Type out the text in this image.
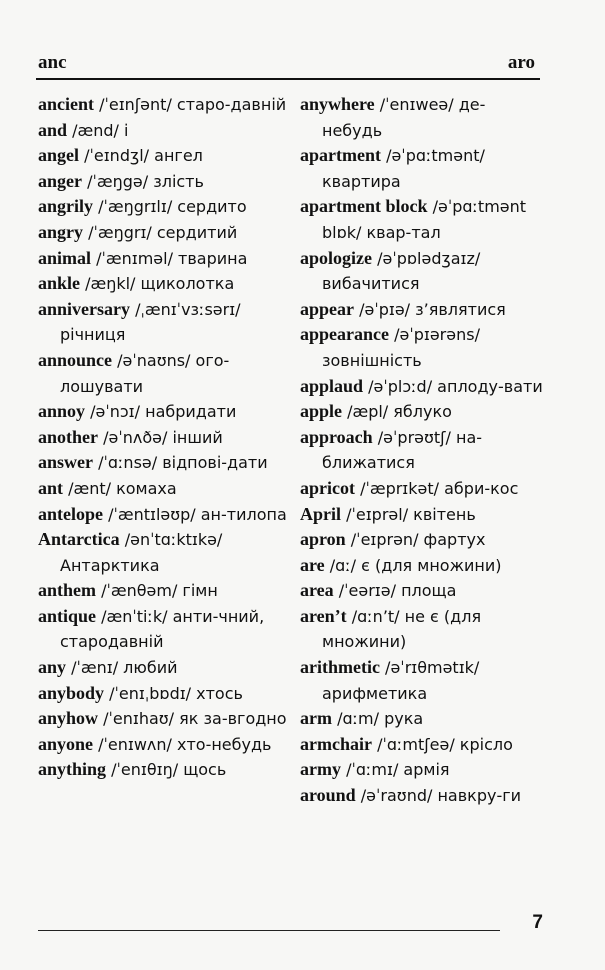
anc	aro

ancient /ˈeɪnʃənt/ старо-давній

and /ænd/ і

angel /ˈeɪndʒl/ ангел

anger /ˈæŋgə/ злість

angrily /ˈæŋgrɪlɪ/ сердито

angry /ˈæŋgrɪ/ сердитий

animal /ˈænɪməl/ тварина

ankle /æŋkl/ щиколотка

anniversary /ˌænɪˈvɜːsərɪ/ річниця

announce /əˈnaʊns/ ого-лошувати

annoy /əˈnɔɪ/ набридати

another /əˈnʌðə/ інший

answer /ˈɑːnsə/ відпові-дати

ant /ænt/ комаха

antelope /ˈæntɪləʊp/ ан-тилопа

Antarctica /ənˈtɑːktɪkə/ Антарктика

anthem /ˈænθəm/ гімн

antique /ænˈtiːk/ анти-чний, стародавній

any /ˈænɪ/ любий

anybody /ˈenɪˌbɒdɪ/ хтось

anyhow /ˈenɪhaʊ/ як за-вгодно

anyone /ˈenɪwʌn/ хто-небудь

anything /ˈenɪθɪŋ/ щось

anywhere /ˈenɪweə/ де-небудь

apartment /əˈpɑːtmənt/ квартира

apartment block /əˈpɑːtmənt blɒk/ квар-тал

apologize /əˈpɒlədʒaɪz/ вибачитися

appear /əˈpɪə/ з’являтися

appearance /əˈpɪərəns/ зовнішність

applaud /əˈplɔːd/ аплоду-вати

apple /æpl/ яблуко

approach /əˈprəʊtʃ/ на-ближатися

apricot /ˈæprɪkət/ абри-кос

April /ˈeɪprəl/ квітень

apron /ˈeɪprən/ фартух

are /ɑː/ є (для множини)

area /ˈeərɪə/ площа

aren’t /ɑːn’t/ не є (для множини)

arithmetic /əˈrɪθmətɪk/ арифметика

arm /ɑːm/ рука

armchair /ˈɑːmtʃeə/ крісло

army /ˈɑːmɪ/ армія

around /əˈraʊnd/ навкру-ги

7
